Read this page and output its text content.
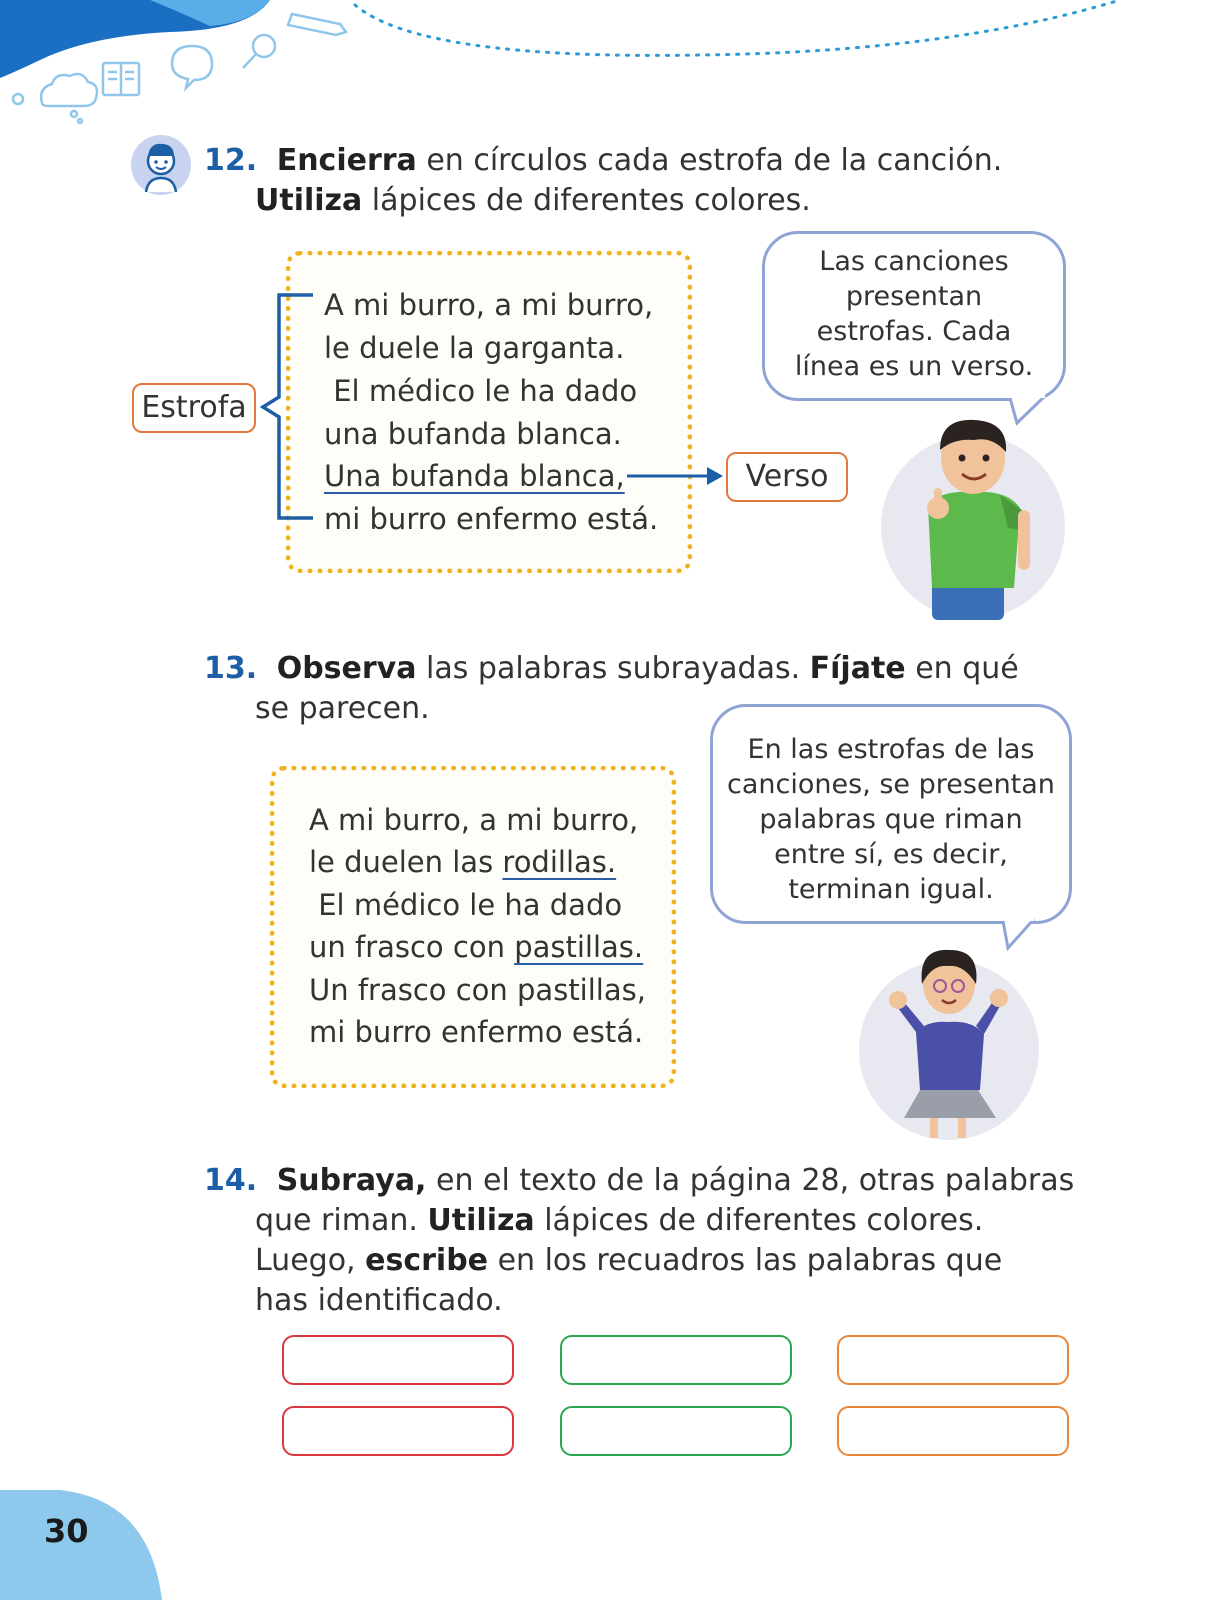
12. Encierra en círculos cada estrofa de la canción.
Utiliza lápices de diferentes colores.
A mi burro, a mi burro,
le duele la garganta.
El médico le ha dado
una bufanda blanca.
Una bufanda blanca,
mi burro enfermo está.
Estrofa
Verso
Las canciones
presentan
estrofas. Cada
línea es un verso.
13. Observa las palabras subrayadas. Fíjate en qué
se parecen.
A mi burro, a mi burro,
le duelen las rodillas.
El médico le ha dado
un frasco con pastillas.
Un frasco con pastillas,
mi burro enfermo está.
En las estrofas de las
canciones, se presentan
palabras que riman
entre sí, es decir,
terminan igual.
14. Subraya, en el texto de la página 28, otras palabras
que riman. Utiliza lápices de diferentes colores.
Luego, escribe en los recuadros las palabras que
has identificado.
30
